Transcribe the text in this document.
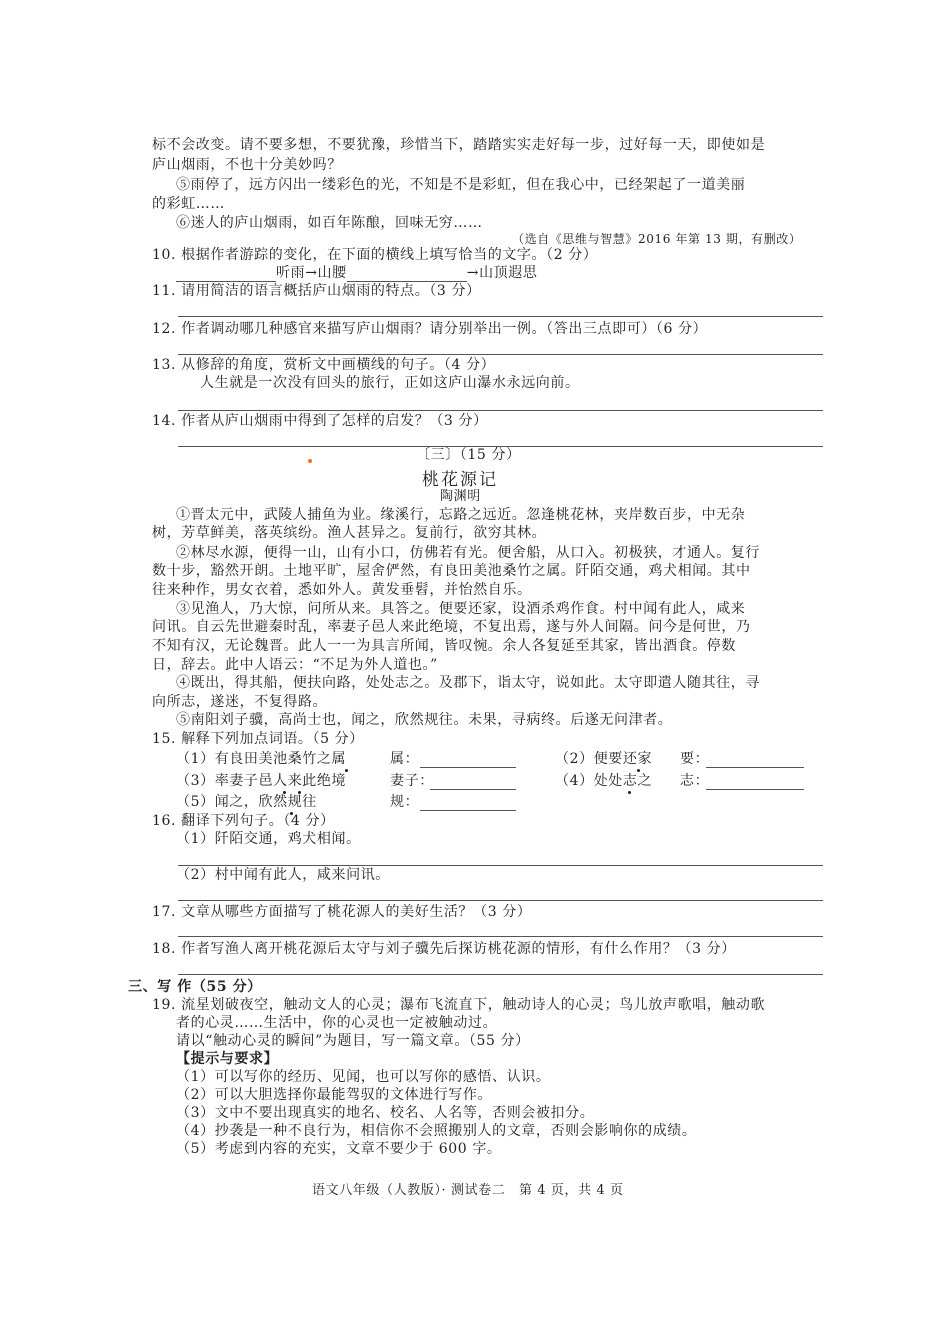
标不会改变。请不要多想，不要犹豫，珍惜当下，踏踏实实走好每一步，过好每一天，即使如是
庐山烟雨，不也十分美妙吗？
⑤雨停了，远方闪出一缕彩色的光，不知是不是彩虹，但在我心中，已经架起了一道美丽
的彩虹……
⑥迷人的庐山烟雨，如百年陈酿，回味无穷……
（选自《思维与智慧》2016 年第 13 期，有删改）
10. 根据作者游踪的变化，在下面的横线上填写恰当的文字。（2 分）
听雨→山腰	→山顶遐思
11. 请用简洁的语言概括庐山烟雨的特点。（3 分）
12. 作者调动哪几种感官来描写庐山烟雨？请分别举出一例。（答出三点即可）（6 分）
13. 从修辞的角度，赏析文中画横线的句子。（4 分）
人生就是一次没有回头的旅行，正如这庐山瀑水永远向前。
14. 作者从庐山烟雨中得到了怎样的启发？（3 分）
〔三〕（15 分）
桃花源记
陶渊明
①晋太元中，武陵人捕鱼为业。缘溪行，忘路之远近。忽逢桃花林，夹岸数百步，中无杂
树，芳草鲜美，落英缤纷。渔人甚异之。复前行，欲穷其林。
②林尽水源，便得一山，山有小口，仿佛若有光。便舍船，从口入。初极狭，才通人。复行
数十步，豁然开朗。土地平旷，屋舍俨然，有良田美池桑竹之属。阡陌交通，鸡犬相闻。其中
往来种作，男女衣着，悉如外人。黄发垂髫，并怡然自乐。
③见渔人，乃大惊，问所从来。具答之。便要还家，设酒杀鸡作食。村中闻有此人，咸来
问讯。自云先世避秦时乱，率妻子邑人来此绝境，不复出焉，遂与外人间隔。问今是何世，乃
不知有汉，无论魏晋。此人一一为具言所闻，皆叹惋。余人各复延至其家，皆出酒食。停数
日，辞去。此中人语云：“不足为外人道也。”
④既出，得其船，便扶向路，处处志之。及郡下，诣太守，说如此。太守即遣人随其往，寻
向所志，遂迷，不复得路。
⑤南阳刘子骥，高尚士也，闻之，欣然规往。未果，寻病终。后遂无问津者。
15. 解释下列加点词语。（5 分）
（1）有良田美池桑竹之属	属：	（2）便要还家 要：
（3）率妻子邑人来此绝境	妻子：	（4）处处志之 志：
（5）闻之，欣然规往	规：
16. 翻译下列句子。（4 分）
（1）阡陌交通，鸡犬相闻。
（2）村中闻有此人，咸来问讯。
17. 文章从哪些方面描写了桃花源人的美好生活？（3 分）
18. 作者写渔人离开桃花源后太守与刘子骥先后探访桃花源的情形，有什么作用？（3 分）
三、写 作（55 分）
19. 流星划破夜空，触动文人的心灵；瀑布飞流直下，触动诗人的心灵；鸟儿放声歌唱，触动歌
者的心灵……生活中，你的心灵也一定被触动过。
请以“触动心灵的瞬间”为题目，写一篇文章。（55 分）
【提示与要求】
（1）可以写你的经历、见闻，也可以写你的感悟、认识。
（2）可以大胆选择你最能驾驭的文体进行写作。
（3）文中不要出现真实的地名、校名、人名等，否则会被扣分。
（4）抄袭是一种不良行为，相信你不会照搬别人的文章，否则会影响你的成绩。
（5）考虑到内容的充实，文章不要少于 600 字。
语文八年级（人教版）· 测试卷二　第 4 页，共 4 页
